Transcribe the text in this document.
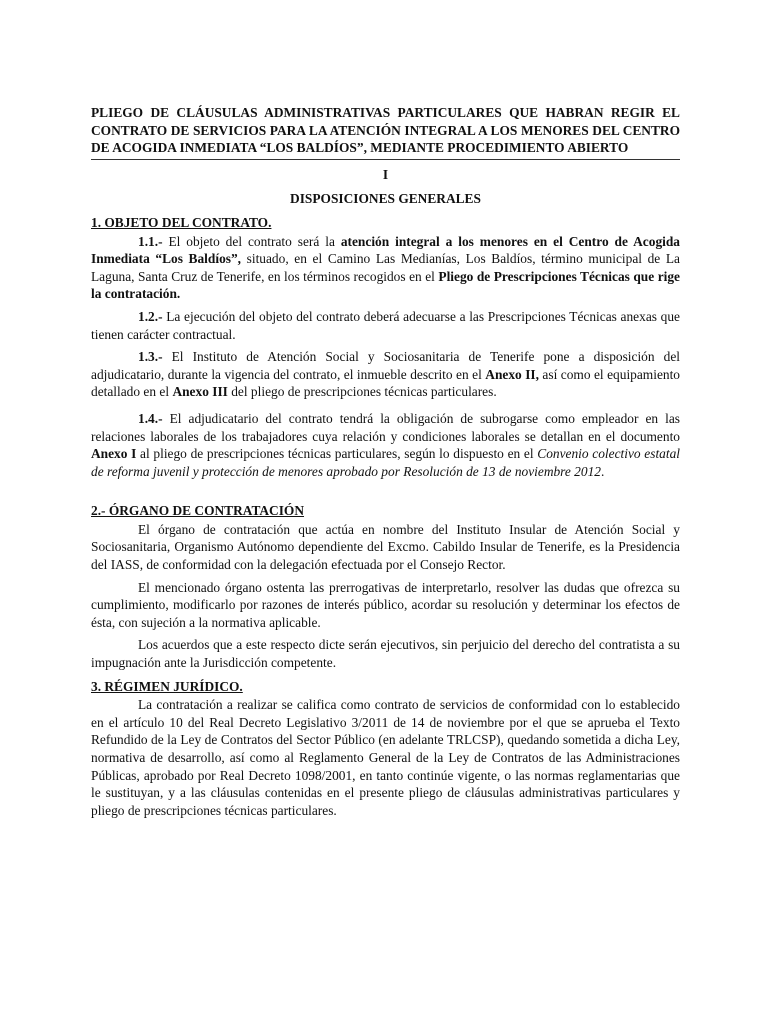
PLIEGO DE CLÁUSULAS ADMINISTRATIVAS PARTICULARES QUE HABRAN REGIR EL CONTRATO DE SERVICIOS PARA LA ATENCIÓN INTEGRAL A LOS MENORES DEL CENTRO DE ACOGIDA INMEDIATA “LOS BALDÍOS”, MEDIANTE PROCEDIMIENTO ABIERTO

I

DISPOSICIONES GENERALES

1. OBJETO DEL CONTRATO.

1.1.- El objeto del contrato será la atención integral a los menores en el Centro de Acogida Inmediata “Los Baldíos”, situado, en el Camino Las Medianías, Los Baldíos, término municipal de La Laguna, Santa Cruz de Tenerife, en los términos recogidos en el Pliego de Prescripciones Técnicas que rige la contratación.

1.2.- La ejecución del objeto del contrato deberá adecuarse a las Prescripciones Técnicas anexas que tienen carácter contractual.

1.3.- El Instituto de Atención Social y Sociosanitaria de Tenerife pone a disposición del adjudicatario, durante la vigencia del contrato, el inmueble descrito en el Anexo II, así como el equipamiento detallado en el Anexo III del pliego de prescripciones técnicas particulares.

1.4.- El adjudicatario del contrato tendrá la obligación de subrogarse como empleador en las relaciones laborales de los trabajadores cuya relación y condiciones laborales se detallan en el documento Anexo I al pliego de prescripciones técnicas particulares, según lo dispuesto en el Convenio colectivo estatal de reforma juvenil y protección de menores aprobado por Resolución de 13 de noviembre 2012.

2.- ÓRGANO DE CONTRATACIÓN

El órgano de contratación que actúa en nombre del Instituto Insular de Atención Social y Sociosanitaria, Organismo Autónomo dependiente del Excmo. Cabildo Insular de Tenerife, es la Presidencia del IASS, de conformidad con la delegación efectuada por el Consejo Rector.

El mencionado órgano ostenta las prerrogativas de interpretarlo, resolver las dudas que ofrezca su cumplimiento, modificarlo por razones de interés público, acordar su resolución y determinar los efectos de ésta, con sujeción a la normativa aplicable.

Los acuerdos que a este respecto dicte serán ejecutivos, sin perjuicio del derecho del contratista a su impugnación ante la Jurisdicción competente.

3. RÉGIMEN JURÍDICO.

La contratación a realizar se califica como contrato de servicios de conformidad con lo establecido en el artículo 10 del Real Decreto Legislativo 3/2011 de 14 de noviembre por el que se aprueba el Texto Refundido de la Ley de Contratos del Sector Público (en adelante TRLCSP), quedando sometida a dicha Ley, normativa de desarrollo, así como al Reglamento General de la Ley de Contratos de las Administraciones Públicas, aprobado por Real Decreto 1098/2001, en tanto continúe vigente, o las normas reglamentarias que le sustituyan, y a las cláusulas contenidas en el presente pliego de cláusulas administrativas particulares y pliego de prescripciones técnicas particulares.
